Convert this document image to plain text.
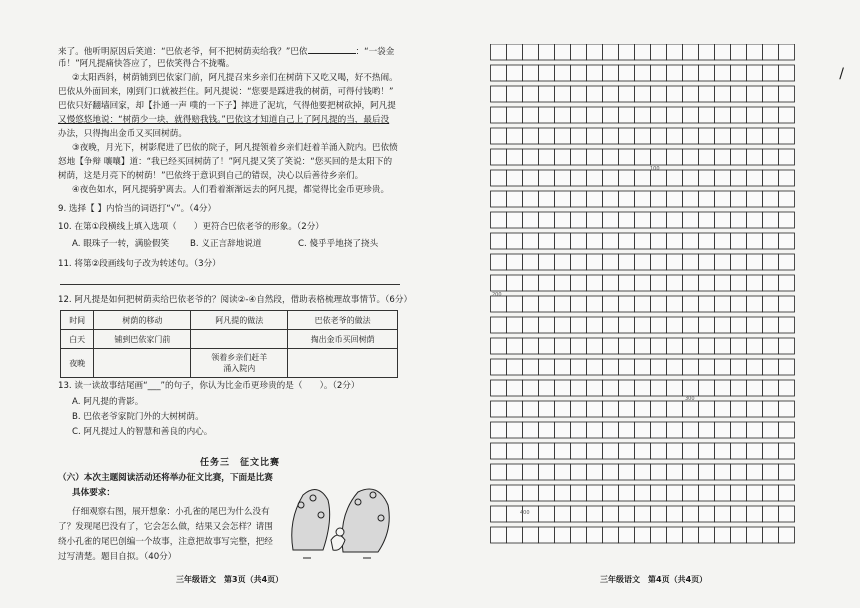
来了。他听明原因后笑道：“巴依老爷，何不把树荫卖给我？”巴依	：“一袋金
币！”阿凡提痛快答应了，巴依笑得合不拢嘴。
②太阳西斜，树荫铺到巴依家门前，阿凡提召来乡亲们在树荫下又吃又喝，好不热闹。
巴依从外面回来，刚到门口就被拦住。阿凡提说：“您要是踩进我的树荫，可得付钱哟！”
巴依只好翻墙回家，却【扑通一声 噗的一下子】摔进了泥坑，气得他要把树砍掉，阿凡提
又慢悠悠地说：“树荫少一块，就得赔我钱。”巴依这才知道自己上了阿凡提的当，最后没
办法，只得掏出金币又买回树荫。
③夜晚，月光下，树影爬进了巴依的院子，阿凡提领着乡亲们赶着羊涌入院内。巴依愤
怒地【争辩 嚷嚷】道：“我已经买回树荫了！”阿凡提又笑了笑说：“您买回的是太阳下的
树荫，这是月亮下的树荫！”巴依终于意识到自己的错误，决心以后善待乡亲们。
④夜色如水，阿凡提骑驴离去。人们看着渐渐远去的阿凡提，都觉得比金币更珍贵。
9. 选择【 】内恰当的词语打“√”。（4分）
10. 在第①段横线上填入选项（　　）更符合巴依老爷的形象。（2分）
A. 眼珠子一转，满脸假笑 B. 义正言辞地说道	C. 傻乎乎地挠了挠头
11. 将第②段画线句子改为转述句。（3分）
12. 阿凡提是如何把树荫卖给巴依老爷的？阅读②-④自然段，借助表格梳理故事情节。（6分）
时间	树荫的移动	阿凡提的做法	巴依老爷的做法
白天	铺到巴依家门前		掏出金币买回树荫
夜晚		领着乡亲们赶羊
涌入院内	
13. 读一读故事结尾画“___”的句子，你认为比金币更珍贵的是（　　）。（2分）
A. 阿凡提的背影。
B. 巴依老爷家院门外的大树树荫。
C. 阿凡提过人的智慧和善良的内心。
任务三　征文比赛
（六）本次主题阅读活动还将举办征文比赛，下面是比赛
具体要求：
仔细观察右图，展开想象：小孔雀的尾巴为什么没有
了？发现尾巴没有了，它会怎么做，结果又会怎样？请围
绕小孔雀的尾巴创编一个故事，注意把故事写完整，把经
过写清楚。题目自拟。（40分）
三年级语文　第3页（共4页）	三年级语文　第4页（共4页）
100
200
300
400
/
